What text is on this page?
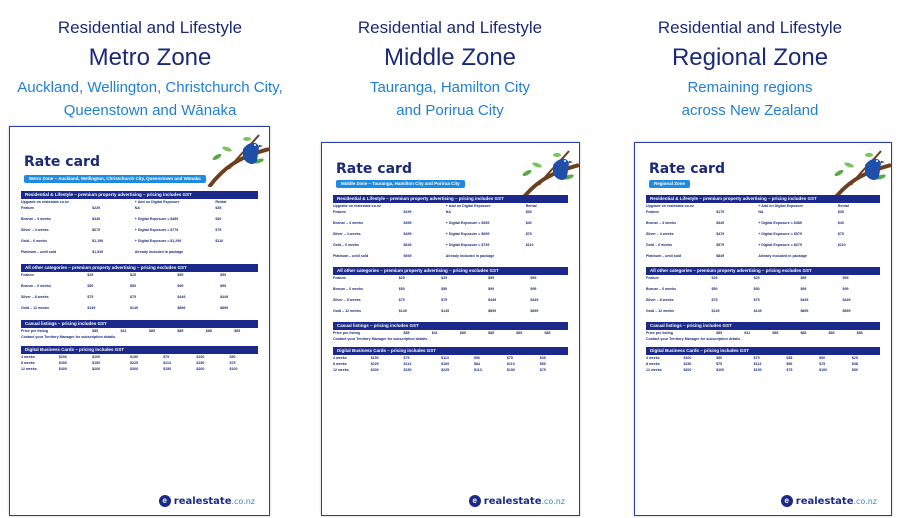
Residential and Lifestyle
Metro Zone
Auckland, Wellington, Christchurch City,
Queenstown and Wānaka
Residential and Lifestyle
Middle Zone
Tauranga, Hamilton City
and Porirua City
Residential and Lifestyle
Regional Zone
Remaining regions
across New Zealand
Rate card
Metro Zone – Auckland, Wellington, Christchurch City, Queenstown and Wānaka
Residential & Lifestyle – premium property advertising – pricing includes GST
Upgrade on realestate.co.nz	+ Add on Digital Exposure	Rental
Feature	$229	NA	$35
Bronze – 3 weeks	$449	+ Digital Exposure = $489	$40
Silver – 4 weeks	$679	+ Digital Exposure = $779	$75
Gold – 6 weeks	$1,199	+ Digital Exposure = $1,299	$110
Platinum – until sold	$1,549	Already included in package
All other categories – premium property advertising – pricing excludes GST
Feature	$25	$25	$59	$59
Bronze – 6 weeks	$50	$50	$99	$99
Silver – 8 weeks	$75	$75	$449	$449
Gold – 12 weeks	$149	$149	$899	$899
Casual listings – pricing includes GST
Price per listing	$85	$41	$85	$85	$85	$85
Contact your Territory Manager for subscription details.
Digital Business Cards – pricing includes GST
4 weeks	$200	$100	$150	$75	$100	$50
8 weeks	$300	$150	$225	$113	$150	$75
12 weeks	$400	$200	$300	$150	$200	$100
e realestate.co.nz
Rate card
Middle Zone – Tauranga, Hamilton City and Porirua City
Residential & Lifestyle – premium property advertising – pricing includes GST
Upgrade on realestate.co.nz	+ Add on Digital Exposure	Rental
Feature	$199	NA	$35
Bronze – 3 weeks	$399	+ Digital Exposure = $539	$40
Silver – 4 weeks	$499	+ Digital Exposure = $699	$75
Gold – 6 weeks	$649	+ Digital Exposure = $749	$110
Platinum – until sold	$949	Already included in package
All other categories – premium property advertising – pricing excludes GST
Feature	$25	$25	$59	$59
Bronze – 6 weeks	$50	$50	$99	$99
Silver – 8 weeks	$75	$75	$449	$449
Gold – 12 weeks	$149	$149	$899	$899
Casual listings – pricing includes GST
Price per listing	$85	$41	$85	$85	$85	$85
Contact your Territory Manager for subscription details.
Digital Business Cards – pricing includes GST
4 weeks	$150	$75	$113	$56	$75	$38
8 weeks	$225	$113	$169	$84	$113	$56
12 weeks	$300	$150	$225	$113	$150	$75
e realestate.co.nz
Rate card
Regional Zone
Residential & Lifestyle – premium property advertising – pricing includes GST
Upgrade on realestate.co.nz	+ Add on Digital Exposure	Rental
Feature	$179	NA	$35
Bronze – 3 weeks	$349	+ Digital Exposure = $389	$40
Silver – 4 weeks	$479	+ Digital Exposure = $579	$75
Gold – 6 weeks	$579	+ Digital Exposure = $679	$110
Platinum – until sold	$849	Already included in package
All other categories – premium property advertising – pricing excludes GST
Feature	$25	$25	$59	$59
Bronze – 6 weeks	$50	$50	$99	$99
Silver – 8 weeks	$75	$75	$449	$449
Gold – 12 weeks	$149	$149	$899	$899
Casual listings – pricing includes GST
Price per listing	$85	$41	$85	$85	$85	$85
Contact your Territory Manager for subscription details.
Digital Business Cards – pricing includes GST
4 weeks	$100	$50	$75	$38	$50	$25
8 weeks	$150	$75	$113	$56	$75	$38
12 weeks	$200	$100	$150	$75	$100	$50
e realestate.co.nz
